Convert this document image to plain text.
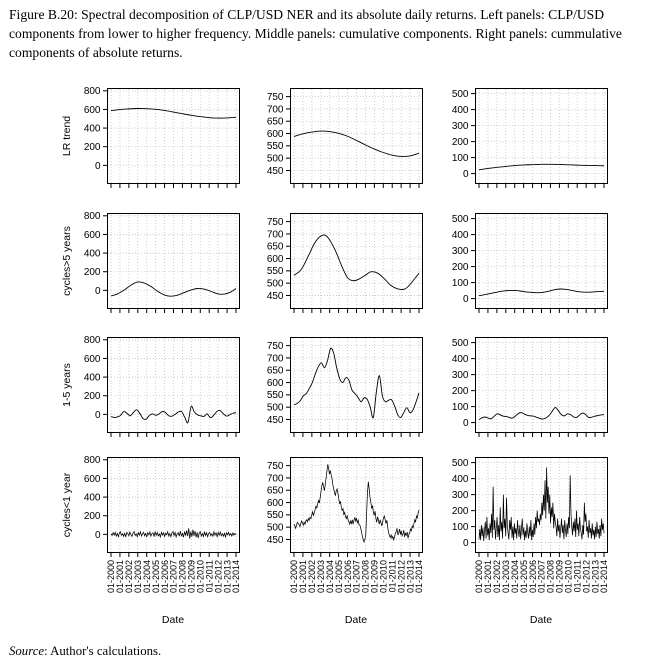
Figure B.20: Spectral decomposition of CLP/USD NER and its absolute daily returns. Left panels: CLP/USD components from lower to higher frequency. Middle panels: cumulative components. Right panels: cummulative components of absolute returns.

0
200
400
600
800
LR trend
450
500
550
600
650
700
750
0
100
200
300
400
500
0
200
400
600
800
cycles>5 years
450
500
550
600
650
700
750
0
100
200
300
400
500
0
200
400
600
800
1-5 years
450
500
550
600
650
700
750
0
100
200
300
400
500
0
200
400
600
800
01-2000
01-2001
01-2002
01-2003
01-2004
01-2005
01-2006
01-2007
01-2008
01-2009
01-2010
01-2011
01-2012
01-2013
01-2014
cycles<1 year
450
500
550
600
650
700
750
01-2000
01-2001
01-2002
01-2003
01-2004
01-2005
01-2006
01-2007
01-2008
01-2009
01-2010
01-2011
01-2012
01-2013
01-2014
0
100
200
300
400
500
01-2000
01-2001
01-2002
01-2003
01-2004
01-2005
01-2006
01-2007
01-2008
01-2009
01-2010
01-2011
01-2012
01-2013
01-2014
Date	Date	Date

Source: Author's calculations.
